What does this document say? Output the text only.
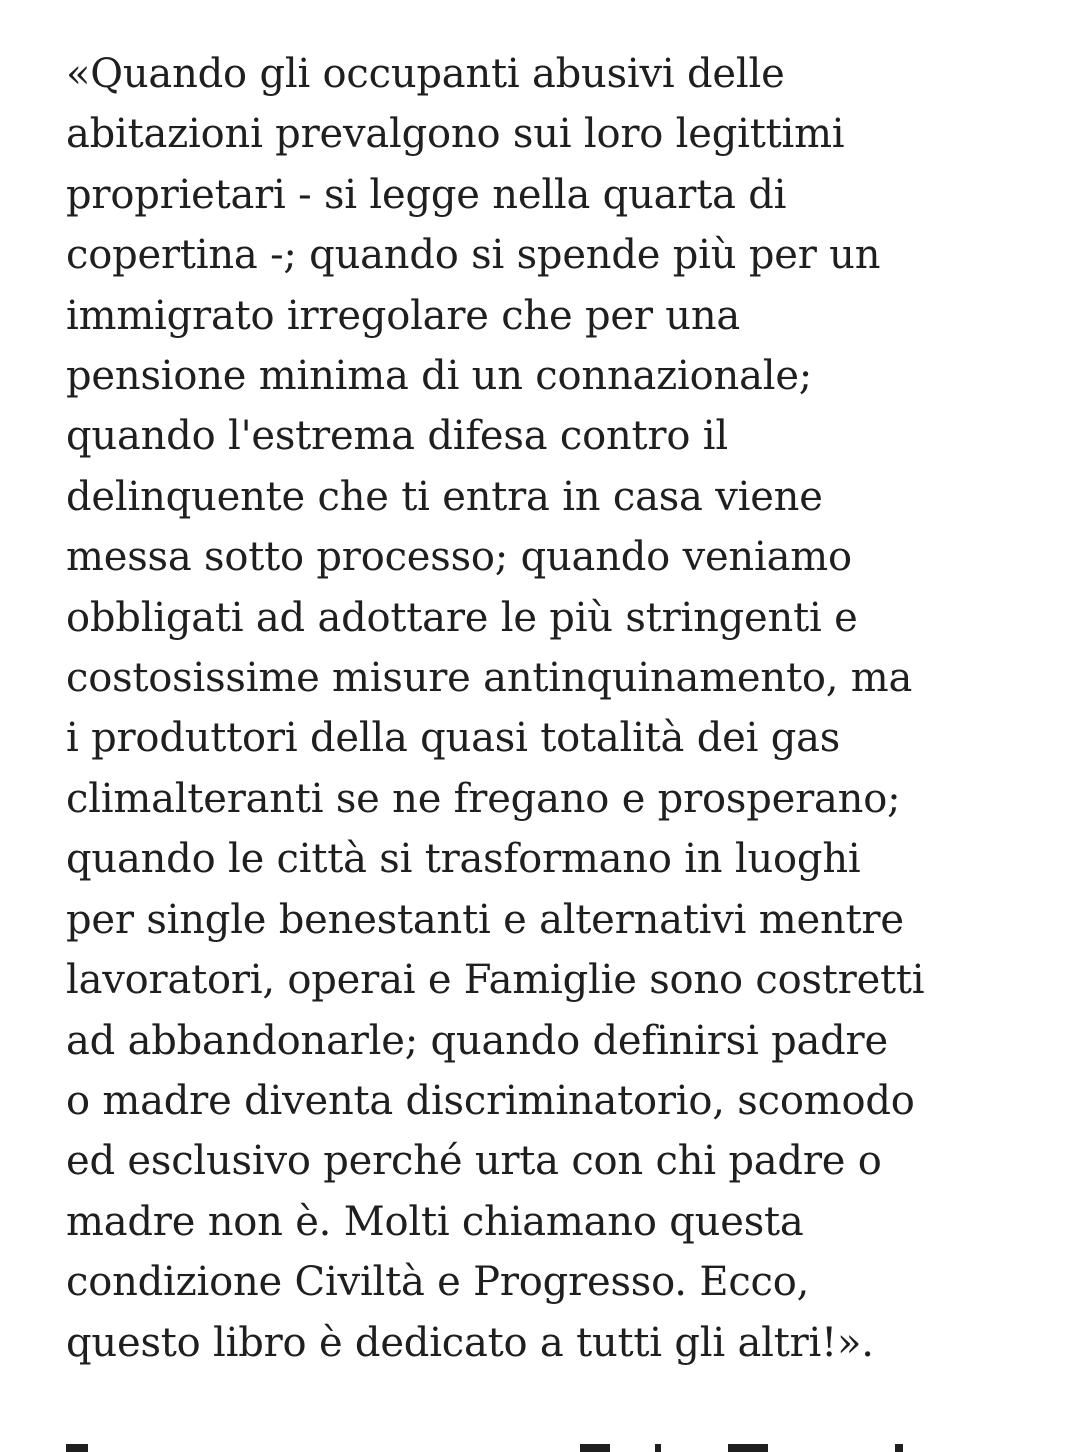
«Quando gli occupanti abusivi delle
abitazioni prevalgono sui loro legittimi
proprietari - si legge nella quarta di
copertina -; quando si spende più per un
immigrato irregolare che per una
pensione minima di un connazionale;
quando l'estrema difesa contro il
delinquente che ti entra in casa viene
messa sotto processo; quando veniamo
obbligati ad adottare le più stringenti e
costosissime misure antinquinamento, ma
i produttori della quasi totalità dei gas
climalteranti se ne fregano e prosperano;
quando le città si trasformano in luoghi
per single benestanti e alternativi mentre
lavoratori, operai e Famiglie sono costretti
ad abbandonarle; quando definirsi padre
o madre diventa discriminatorio, scomodo
ed esclusivo perché urta con chi padre o
madre non è. Molti chiamano questa
condizione Civiltà e Progresso. Ecco,
questo libro è dedicato a tutti gli altri!».
